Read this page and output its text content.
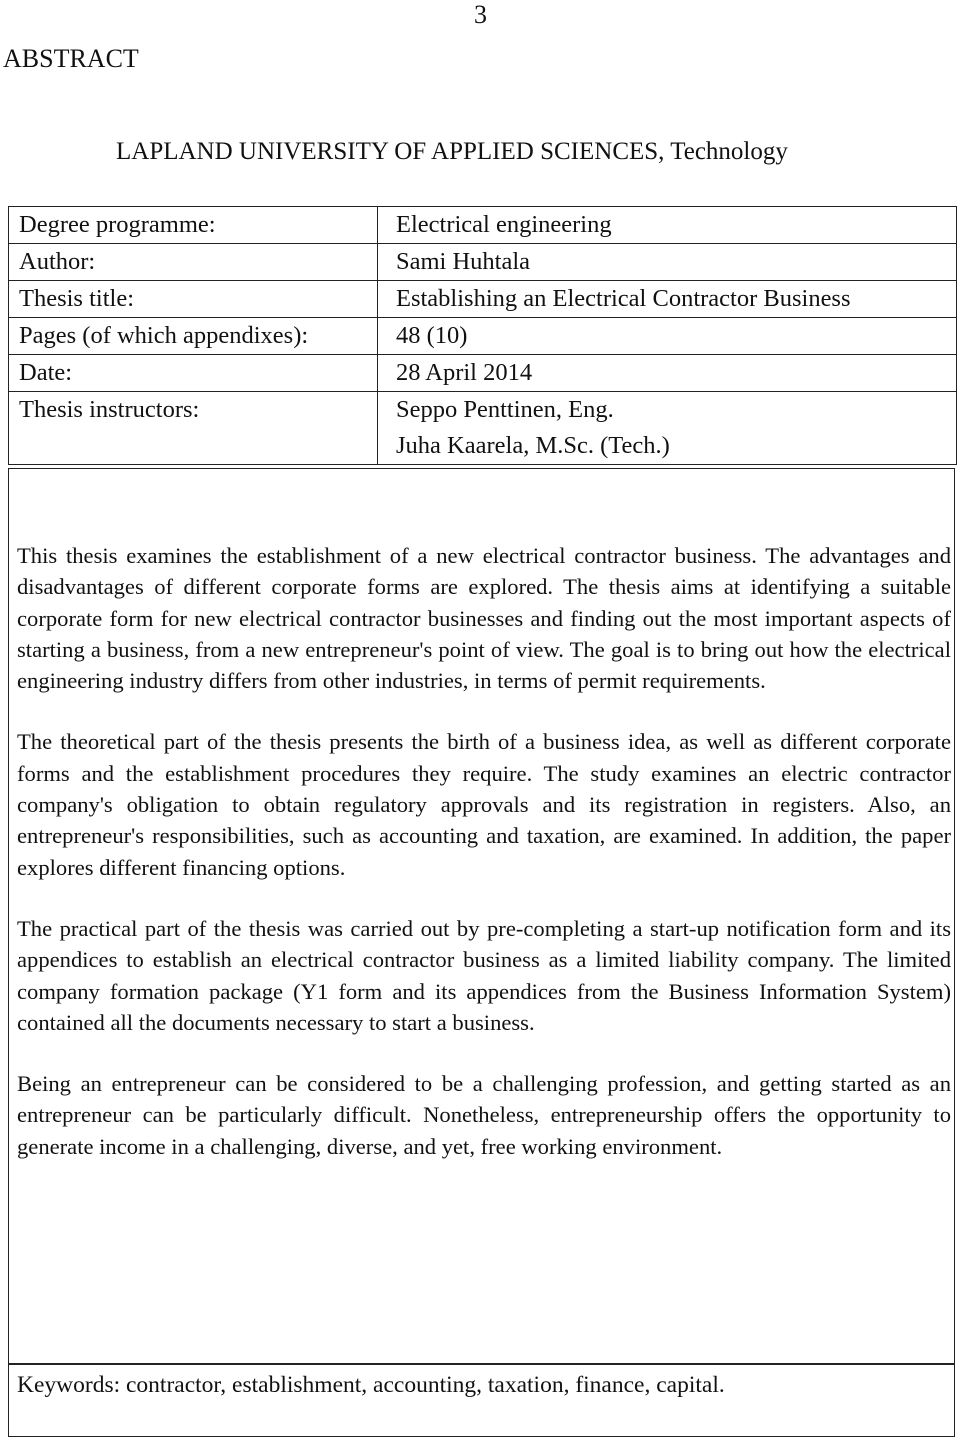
3
ABSTRACT
LAPLAND UNIVERSITY OF APPLIED SCIENCES, Technology
Degree programme:	Electrical engineering
Author:	Sami Huhtala
Thesis title:	Establishing an Electrical Contractor Business
Pages (of which appendixes):	48 (10)
Date:	28 April 2014

Thesis instructors:	Seppo Penttinen, Eng.
Juha Kaarela, M.Sc. (Tech.)

This thesis examines the establishment of a new electrical contractor business. The advantages and disadvantages of different corporate forms are explored. The thesis aims at identifying a suitable corporate form for new electrical contractor businesses and finding out the most important aspects of starting a business, from a new entrepreneur's point of view. The goal is to bring out how the electrical engineering industry differs from other industries, in terms of permit requirements.

The theoretical part of the thesis presents the birth of a business idea, as well as different corporate forms and the establishment procedures they require. The study examines an electric contractor company's obligation to obtain regulatory approvals and its registration in registers. Also, an entrepreneur's responsibilities, such as accounting and taxation, are examined. In addition, the paper explores different financing options.

The practical part of the thesis was carried out by pre-completing a start-up notification form and its appendices to establish an electrical contractor business as a limited liability company. The limited company formation package (Y1 form and its appendices from the Business Information System) contained all the documents necessary to start a business.

Being an entrepreneur can be considered to be a challenging profession, and getting started as an entrepreneur can be particularly difficult. Nonetheless, entrepreneurship offers the opportunity to generate income in a challenging, diverse, and yet, free working environment.

Keywords: contractor, establishment, accounting, taxation, finance, capital.
